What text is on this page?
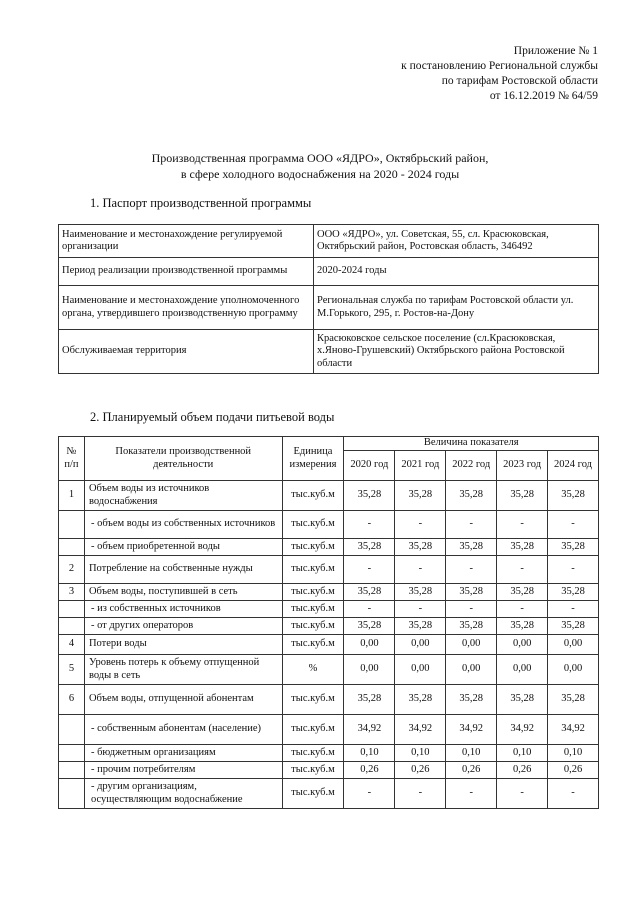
Приложение № 1
к постановлению Региональной службы
по тарифам Ростовской области
от 16.12.2019 № 64/59
Производственная программа ООО «ЯДРО», Октябрьский район,
в сфере холодного водоснабжения на 2020 - 2024 годы
1. Паспорт производственной программы
Наименование и местонахождение регулируемой организации	ООО «ЯДРО», ул. Советская, 55, сл. Красюковская, Октябрьский район, Ростовская область, 346492
Период реализации производственной программы	2020-2024 годы
Наименование и местонахождение уполномоченного органа, утвердившего производственную программу	Региональная служба по тарифам Ростовской области ул. М.Горького, 295, г. Ростов-на-Дону
Обслуживаемая территория	Красюковское сельское поселение (сл.Красюковская, х.Яново-Грушевский) Октябрьского района Ростовской области
2. Планируемый объем подачи питьевой воды
№ п/п	Показатели производственной деятельности	Единица измерения	Величина показателя				
			2020 год	2021 год	2022 год	2023 год	2024 год
1	Объем воды из источников водоснабжения	тыс.куб.м	35,28	35,28	35,28	35,28	35,28
	- объем воды из собственных источников	тыс.куб.м	-	-	-	-	-
	- объем приобретенной воды	тыс.куб.м	35,28	35,28	35,28	35,28	35,28
2	Потребление на собственные нужды	тыс.куб.м	-	-	-	-	-
3	Объем воды, поступившей в сеть	тыс.куб.м	35,28	35,28	35,28	35,28	35,28
	- из собственных источников	тыс.куб.м	-	-	-	-	-
	- от других операторов	тыс.куб.м	35,28	35,28	35,28	35,28	35,28
4	Потери воды	тыс.куб.м	0,00	0,00	0,00	0,00	0,00
5	Уровень потерь к объему отпущенной воды в сеть	%	0,00	0,00	0,00	0,00	0,00
6	Объем воды, отпущенной абонентам	тыс.куб.м	35,28	35,28	35,28	35,28	35,28
	- собственным абонентам (население)	тыс.куб.м	34,92	34,92	34,92	34,92	34,92
	- бюджетным организациям	тыс.куб.м	0,10	0,10	0,10	0,10	0,10
	- прочим потребителям	тыс.куб.м	0,26	0,26	0,26	0,26	0,26
	- другим организациям, осуществляющим водоснабжение	тыс.куб.м	-	-	-	-	-
